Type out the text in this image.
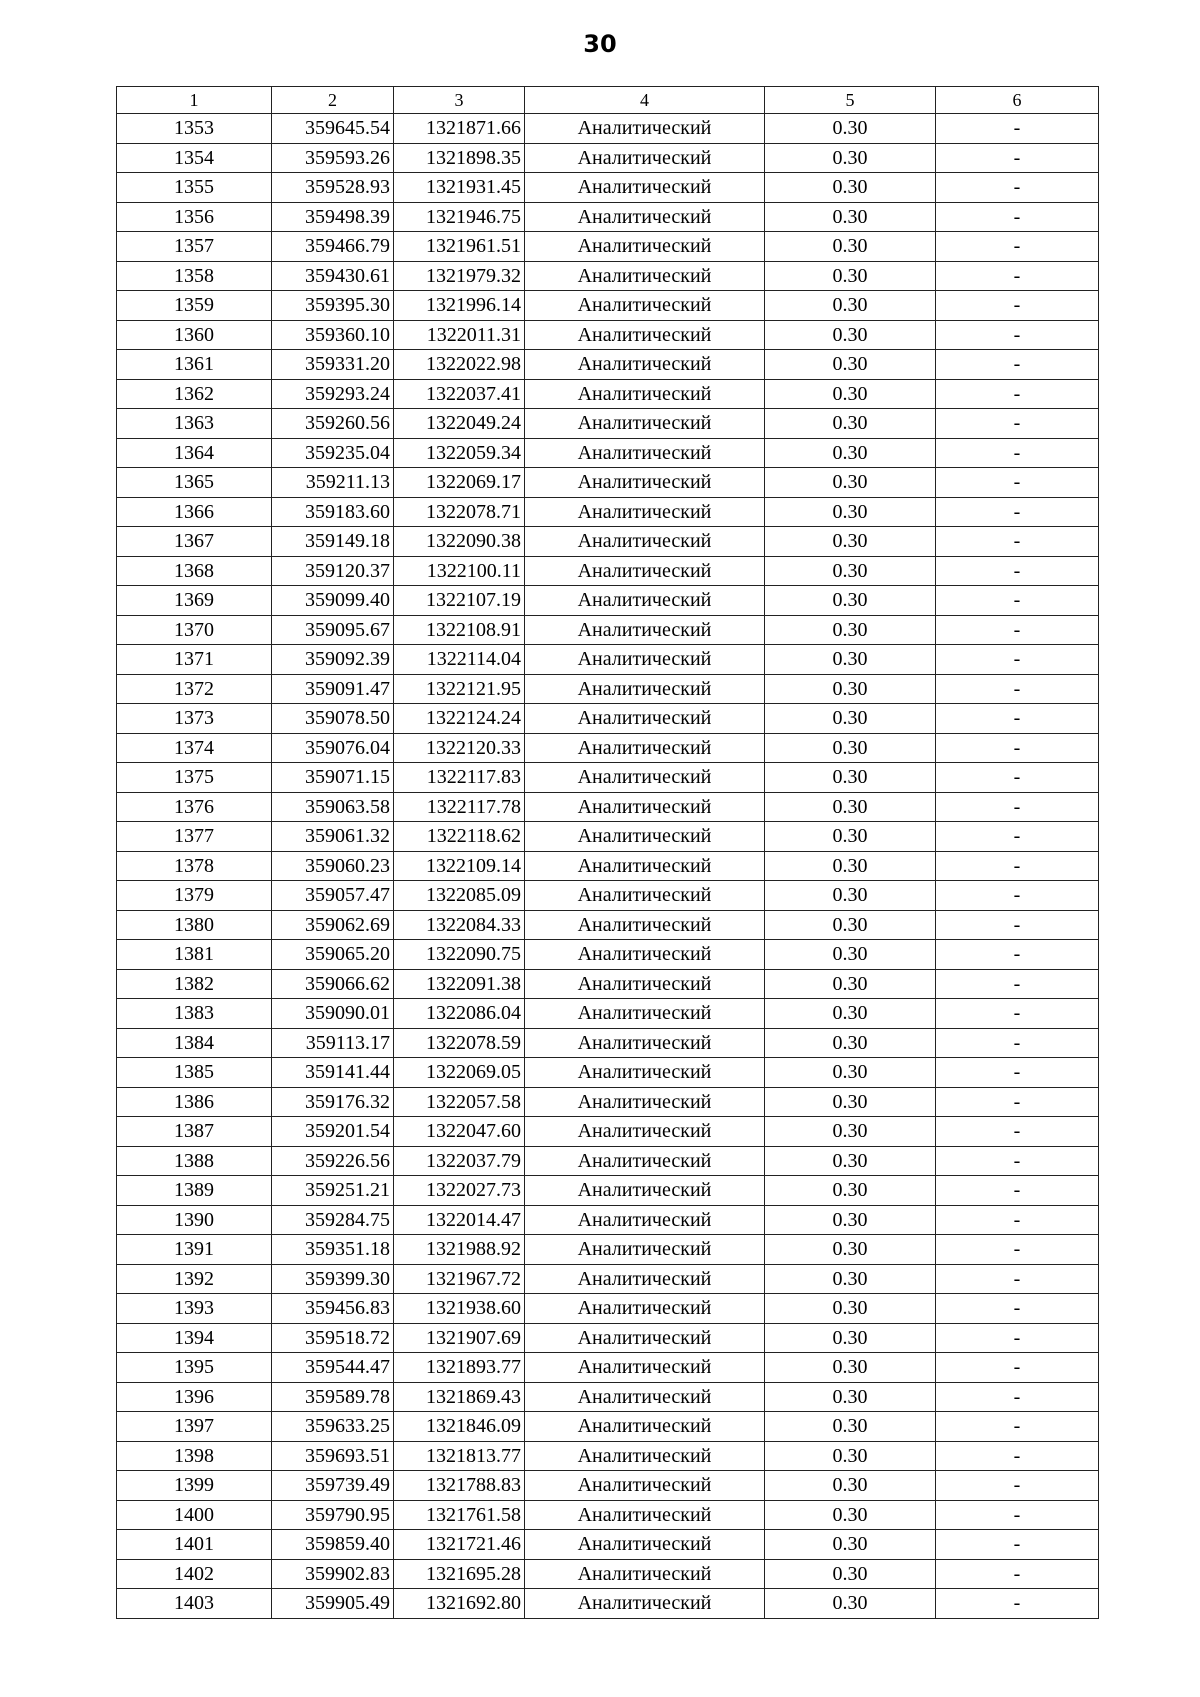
30
1	2	3	4	5	6
1353	359645.54	1321871.66	Аналитический	0.30	-
1354	359593.26	1321898.35	Аналитический	0.30	-
1355	359528.93	1321931.45	Аналитический	0.30	-
1356	359498.39	1321946.75	Аналитический	0.30	-
1357	359466.79	1321961.51	Аналитический	0.30	-
1358	359430.61	1321979.32	Аналитический	0.30	-
1359	359395.30	1321996.14	Аналитический	0.30	-
1360	359360.10	1322011.31	Аналитический	0.30	-
1361	359331.20	1322022.98	Аналитический	0.30	-
1362	359293.24	1322037.41	Аналитический	0.30	-
1363	359260.56	1322049.24	Аналитический	0.30	-
1364	359235.04	1322059.34	Аналитический	0.30	-
1365	359211.13	1322069.17	Аналитический	0.30	-
1366	359183.60	1322078.71	Аналитический	0.30	-
1367	359149.18	1322090.38	Аналитический	0.30	-
1368	359120.37	1322100.11	Аналитический	0.30	-
1369	359099.40	1322107.19	Аналитический	0.30	-
1370	359095.67	1322108.91	Аналитический	0.30	-
1371	359092.39	1322114.04	Аналитический	0.30	-
1372	359091.47	1322121.95	Аналитический	0.30	-
1373	359078.50	1322124.24	Аналитический	0.30	-
1374	359076.04	1322120.33	Аналитический	0.30	-
1375	359071.15	1322117.83	Аналитический	0.30	-
1376	359063.58	1322117.78	Аналитический	0.30	-
1377	359061.32	1322118.62	Аналитический	0.30	-
1378	359060.23	1322109.14	Аналитический	0.30	-
1379	359057.47	1322085.09	Аналитический	0.30	-
1380	359062.69	1322084.33	Аналитический	0.30	-
1381	359065.20	1322090.75	Аналитический	0.30	-
1382	359066.62	1322091.38	Аналитический	0.30	-
1383	359090.01	1322086.04	Аналитический	0.30	-
1384	359113.17	1322078.59	Аналитический	0.30	-
1385	359141.44	1322069.05	Аналитический	0.30	-
1386	359176.32	1322057.58	Аналитический	0.30	-
1387	359201.54	1322047.60	Аналитический	0.30	-
1388	359226.56	1322037.79	Аналитический	0.30	-
1389	359251.21	1322027.73	Аналитический	0.30	-
1390	359284.75	1322014.47	Аналитический	0.30	-
1391	359351.18	1321988.92	Аналитический	0.30	-
1392	359399.30	1321967.72	Аналитический	0.30	-
1393	359456.83	1321938.60	Аналитический	0.30	-
1394	359518.72	1321907.69	Аналитический	0.30	-
1395	359544.47	1321893.77	Аналитический	0.30	-
1396	359589.78	1321869.43	Аналитический	0.30	-
1397	359633.25	1321846.09	Аналитический	0.30	-
1398	359693.51	1321813.77	Аналитический	0.30	-
1399	359739.49	1321788.83	Аналитический	0.30	-
1400	359790.95	1321761.58	Аналитический	0.30	-
1401	359859.40	1321721.46	Аналитический	0.30	-
1402	359902.83	1321695.28	Аналитический	0.30	-
1403	359905.49	1321692.80	Аналитический	0.30	-
